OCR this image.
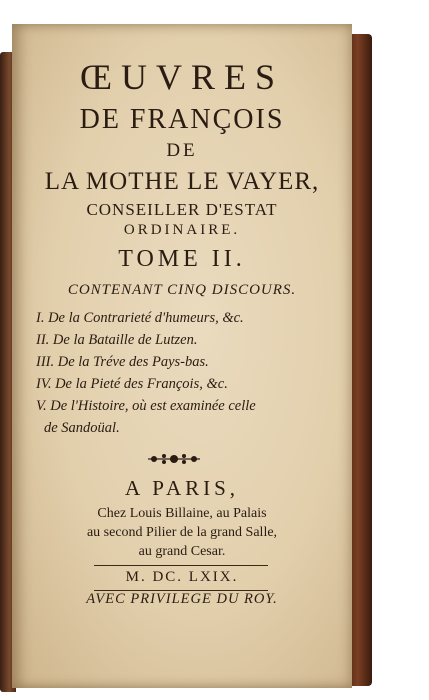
ŒUVRES
DE FRANÇOIS
DE
LA MOTHE LE VAYER,
CONSEILLER D'ESTAT
ORDINAIRE.
TOME II.
CONTENANT CINQ DISCOURS.
I. De la Contrarieté d'humeurs, &c.
II. De la Bataille de Lutzen.
III. De la Tréve des Pays-bas.
IV. De la Pieté des François, &c.
V. De l'Histoire, où est examinée celle
de Sandoüal.
A PARIS,
Chez Louis Billaine, au Palais
au second Pilier de la grand Salle,
au grand Cesar.
M. DC. LXIX.
AVEC PRIVILEGE DU ROY.
